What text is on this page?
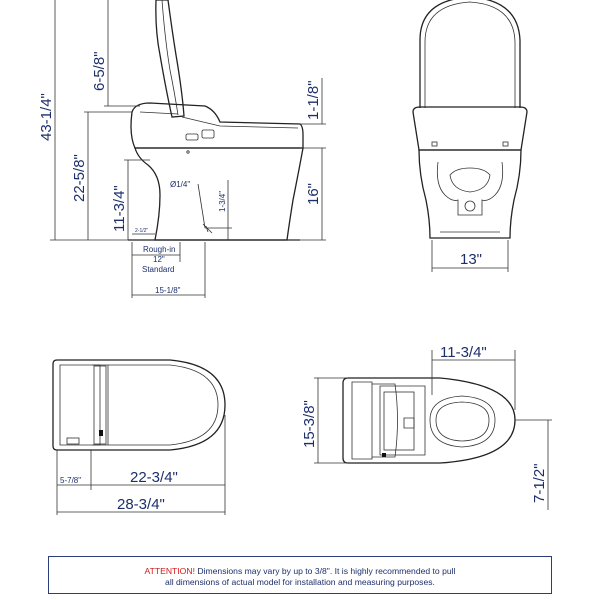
43-1/4"
6-5/8"
22-5/8"
11-3/4"
1-1/8"
16"
Ø1/4"
1-3/4"
2-1/2"
Rough-in
12"
Standard
15-1/8"
13"
5-7/8"	22-3/4"
28-3/4"
11-3/4"
15-3/8"
7-1/2"
ATTENTION! Dimensions may vary by up to 3/8". It is highly recommended to pull
all dimensions of actual model for installation and measuring purposes.
